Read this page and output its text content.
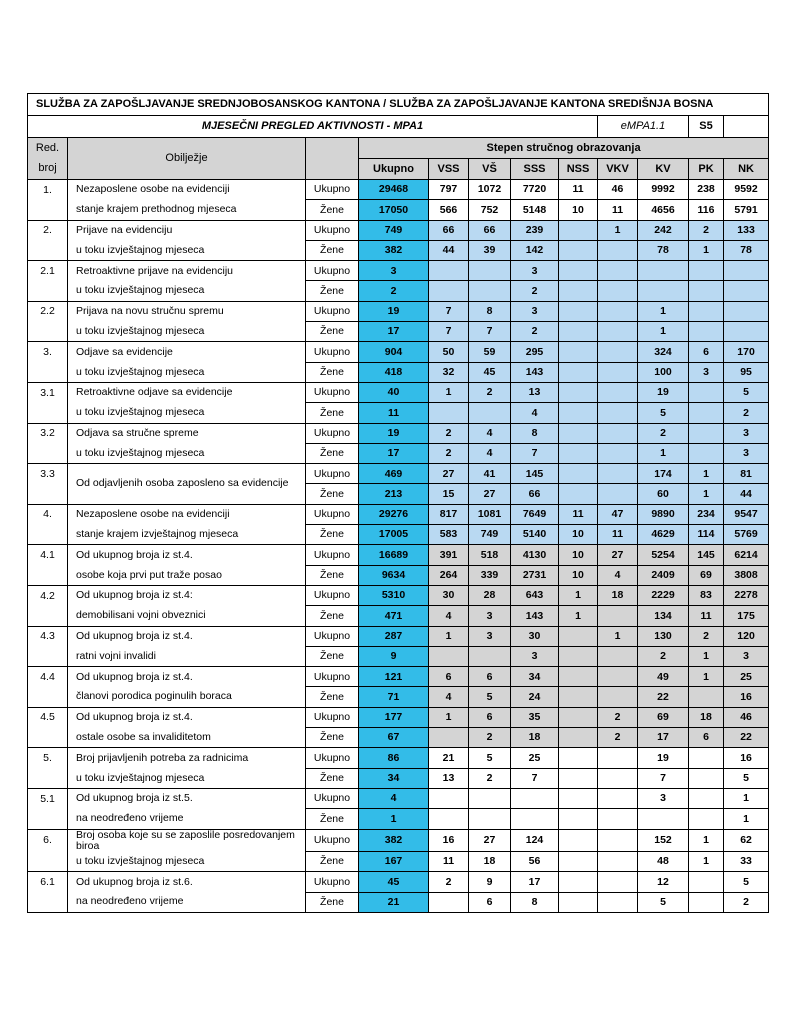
SLUŽBA ZA ZAPOŠLJAVANJE SREDNJOBOSANSKOG KANTONA / SLUŽBA ZA ZAPOŠLJAVANJE KANTONA SREDIŠNJA BOSNA											
MJESEČNI PREGLED AKTIVNOSTI - MPA1								eMPA1.1		S5	
Red.	Obilježje		Stepen stručnog obrazovanja								
broj			Ukupno	VSS	VŠ	SSS	NSS	VKV	KV	PK	NK
1.	Nezaposlene osobe na evidenciji	Ukupno	29468	797	1072	7720	11	46	9992	238	9592
	stanje krajem prethodnog mjeseca	Žene	17050	566	752	5148	10	11	4656	116	5791
2.	Prijave na evidenciju	Ukupno	749	66	66	239		1	242	2	133
	u toku izvještajnog mjeseca	Žene	382	44	39	142			78	1	78
2.1	Retroaktivne prijave na evidenciju	Ukupno	3			3					
	u toku izvještajnog mjeseca	Žene	2			2					
2.2	Prijava na novu stručnu spremu	Ukupno	19	7	8	3			1		
	u toku izvještajnog mjeseca	Žene	17	7	7	2			1		
3.	Odjave sa evidencije	Ukupno	904	50	59	295			324	6	170
	u toku izvještajnog mjeseca	Žene	418	32	45	143			100	3	95
3.1	Retroaktivne odjave sa evidencije	Ukupno	40	1	2	13			19		5
	u toku izvještajnog mjeseca	Žene	11			4			5		2
3.2	Odjava sa stručne spreme	Ukupno	19	2	4	8			2		3
	u toku izvještajnog mjeseca	Žene	17	2	4	7			1		3
3.3	Od odjavljenih osoba zaposleno sa evidencije	Ukupno	469	27	41	145			174	1	81
		Žene	213	15	27	66			60	1	44
4.	Nezaposlene osobe na evidenciji	Ukupno	29276	817	1081	7649	11	47	9890	234	9547
	stanje krajem izvještajnog mjeseca	Žene	17005	583	749	5140	10	11	4629	114	5769
4.1	Od ukupnog broja iz st.4.	Ukupno	16689	391	518	4130	10	27	5254	145	6214
	osobe koja prvi put traže posao	Žene	9634	264	339	2731	10	4	2409	69	3808
4.2	Od ukupnog broja iz st.4:	Ukupno	5310	30	28	643	1	18	2229	83	2278
	demobilisani vojni obveznici	Žene	471	4	3	143	1		134	11	175
4.3	Od ukupnog broja iz st.4.	Ukupno	287	1	3	30		1	130	2	120
	ratni vojni invalidi	Žene	9			3			2	1	3
4.4	Od ukupnog broja iz st.4.	Ukupno	121	6	6	34			49	1	25
	članovi porodica poginulih boraca	Žene	71	4	5	24			22		16
4.5	Od ukupnog broja iz st.4.	Ukupno	177	1	6	35		2	69	18	46
	ostale osobe sa invaliditetom	Žene	67		2	18		2	17	6	22
5.	Broj prijavljenih potreba za radnicima	Ukupno	86	21	5	25			19		16
	u toku izvještajnog mjeseca	Žene	34	13	2	7			7		5
5.1	Od ukupnog broja iz st.5.	Ukupno	4						3		1
	na neodređeno vrijeme	Žene	1								1
6.	Broj osoba koje su se zaposlile posredovanjem biroa	Ukupno	382	16	27	124			152	1	62
	u toku izvještajnog mjeseca	Žene	167	11	18	56			48	1	33
6.1	Od ukupnog broja iz st.6.	Ukupno	45	2	9	17			12		5
	na neodređeno vrijeme	Žene	21		6	8			5		2
